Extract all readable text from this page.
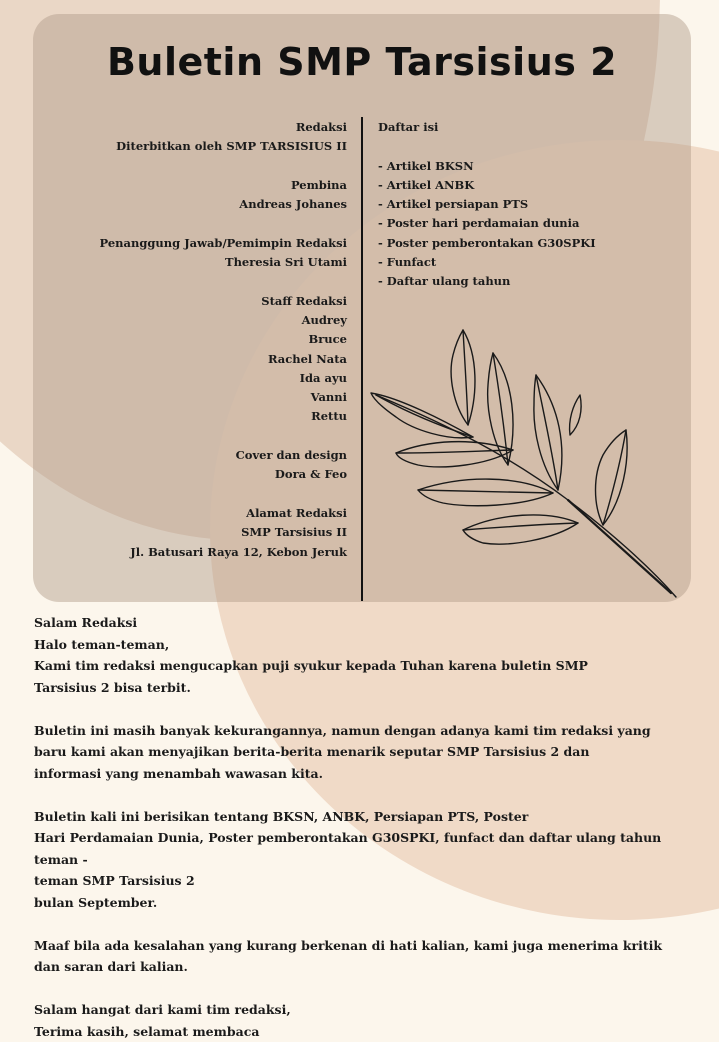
Buletin SMP Tarsisius 2
Redaksi
Diterbitkan oleh SMP TARSISIUS II
Pembina
Andreas Johanes
Penanggung Jawab/Pemimpin Redaksi
Theresia Sri Utami
Staff Redaksi
Audrey
Bruce
Rachel Nata
Ida ayu
Vanni
Rettu
Cover dan design
Dora & Feo
Alamat Redaksi
SMP Tarsisius II
Jl. Batusari Raya 12, Kebon Jeruk
Daftar isi
- Artikel BKSN
- Artikel ANBK
- Artikel persiapan PTS
- Poster hari perdamaian dunia
- Poster pemberontakan G30SPKI
- Funfact
- Daftar ulang tahun

Salam Redaksi

Halo teman-teman,

Kami tim redaksi mengucapkan puji syukur kepada Tuhan karena buletin SMP

Tarsisius 2 bisa terbit.

Buletin ini masih banyak kekurangannya, namun dengan adanya kami tim redaksi yang

baru kami akan menyajikan berita-berita menarik seputar SMP Tarsisius 2 dan

informasi yang menambah wawasan kita.

Buletin kali ini berisikan tentang BKSN, ANBK, Persiapan PTS, Poster

Hari Perdamaian Dunia, Poster pemberontakan G30SPKI, funfact dan daftar ulang tahun teman -

teman SMP Tarsisius 2

bulan September.

Maaf bila ada kesalahan yang kurang berkenan di hati kalian, kami juga menerima kritik

dan saran dari kalian.

Salam hangat dari kami tim redaksi,

Terima kasih, selamat membaca
